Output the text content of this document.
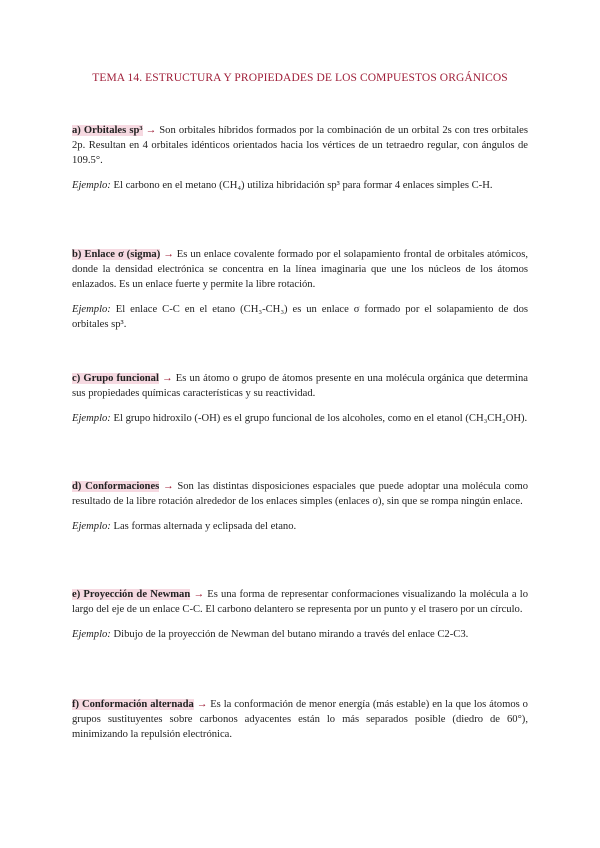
TEMA 14. ESTRUCTURA Y PROPIEDADES DE LOS COMPUESTOS ORGÁNICOS

a) Orbitales sp³ → Son orbitales híbridos formados por la combinación de un orbital 2s con tres orbitales 2p. Resultan en 4 orbitales idénticos orientados hacia los vértices de un tetraedro regular, con ángulos de 109.5°.

Ejemplo: El carbono en el metano (CH₄) utiliza hibridación sp³ para formar 4 enlaces simples C-H.

b) Enlace σ (sigma) → Es un enlace covalente formado por el solapamiento frontal de orbitales atómicos, donde la densidad electrónica se concentra en la línea imaginaria que une los núcleos de los átomos enlazados. Es un enlace fuerte y permite la libre rotación.

Ejemplo: El enlace C-C en el etano (CH₃-CH₃) es un enlace σ formado por el solapamiento de dos orbitales sp³.

c) Grupo funcional → Es un átomo o grupo de átomos presente en una molécula orgánica que determina sus propiedades químicas características y su reactividad.

Ejemplo: El grupo hidroxilo (-OH) es el grupo funcional de los alcoholes, como en el etanol (CH₃CH₂OH).

d) Conformaciones → Son las distintas disposiciones espaciales que puede adoptar una molécula como resultado de la libre rotación alrededor de los enlaces simples (enlaces σ), sin que se rompa ningún enlace.

Ejemplo: Las formas alternada y eclipsada del etano.

e) Proyección de Newman → Es una forma de representar conformaciones visualizando la molécula a lo largo del eje de un enlace C-C. El carbono delantero se representa por un punto y el trasero por un círculo.

Ejemplo: Dibujo de la proyección de Newman del butano mirando a través del enlace C2-C3.

f) Conformación alternada → Es la conformación de menor energía (más estable) en la que los átomos o grupos sustituyentes sobre carbonos adyacentes están lo más separados posible (diedro de 60°), minimizando la repulsión electrónica.
